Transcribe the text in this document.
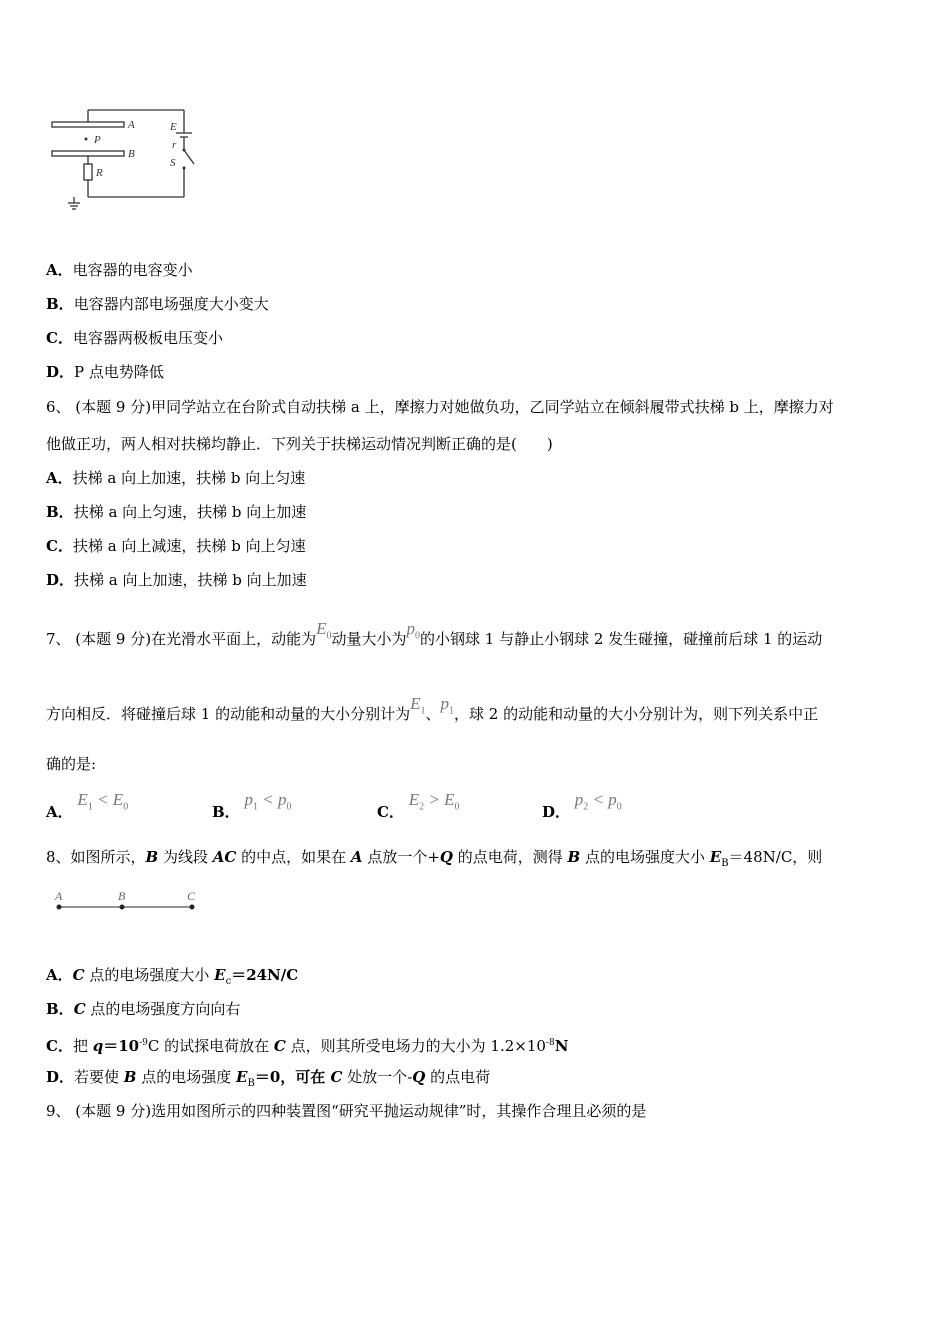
A
B
P
R
E
r
S
A．电容器的电容变小
B．电容器内部电场强度大小变大
C．电容器两极板电压变小
D．P 点电势降低
6、 (本题 9 分)甲同学站立在台阶式自动扶梯 a 上，摩擦力对她做负功，乙同学站立在倾斜履带式扶梯 b 上，摩擦力对
他做正功，两人相对扶梯均静止．下列关于扶梯运动情况判断正确的是(　　)
A．扶梯 a 向上加速，扶梯 b 向上匀速
B．扶梯 a 向上匀速，扶梯 b 向上加速
C．扶梯 a 向上减速，扶梯 b 向上匀速
D．扶梯 a 向上加速，扶梯 b 向上加速
7、 (本题 9 分)在光滑水平面上，动能为$E_0$动量大小为$p_0$的小钢球 1 与静止小钢球 2 发生碰撞，碰撞前后球 1 的运动
方向相反．将碰撞后球 1 的动能和动量的大小分别计为$E_1$、$p_1$，球 2 的动能和动量的大小分别计为，则下列关系中正
确的是:
A． $E_1 < E_0$	B． $p_1 < p_0$	C． $E_2 > E_0$	D． $p_2 < p_0$
8、如图所示，B 为线段 AC 的中点，如果在 A 点放一个+Q 的点电荷，测得 B 点的电场强度大小 $E_B=48N/C$，则
A	B	C
A．C 点的电场强度大小 $E_c=24N/C$
B．C 点的电场强度方向向右
C．把 $q=10^{-9}C$ 的试探电荷放在 C 点，则其所受电场力的大小为 $1.2\times 10^{-8}N$
D．若要使 B 点的电场强度 $E_B=0$，可在 C 处放一个-Q 的点电荷
9、 (本题 9 分)选用如图所示的四种装置图“研究平抛运动规律”时，其操作合理且必须的是
